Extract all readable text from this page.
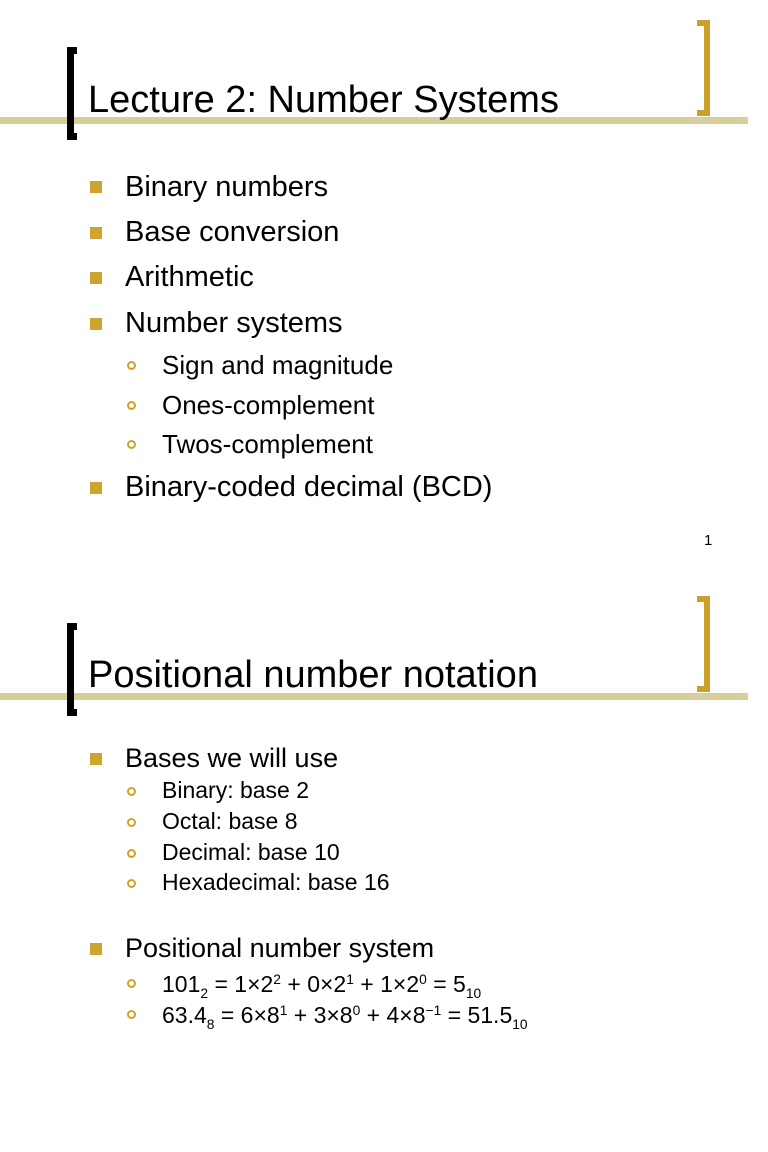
Lecture 2: Number Systems
Binary numbers
Base conversion
Arithmetic
Number systems
Sign and magnitude
Ones-complement
Twos-complement
Binary-coded decimal (BCD)
1
Positional number notation
Bases we will use
Binary: base 2
Octal: base 8
Decimal: base 10
Hexadecimal: base 16
Positional number system
$101_2 = 1\times 2^2 + 0\times 2^1 + 1\times 2^0 = 5_{10}$
$63.4_8 = 6\times 8^1 + 3\times 8^0 + 4\times 8^{-1} = 51.5_{10}$
